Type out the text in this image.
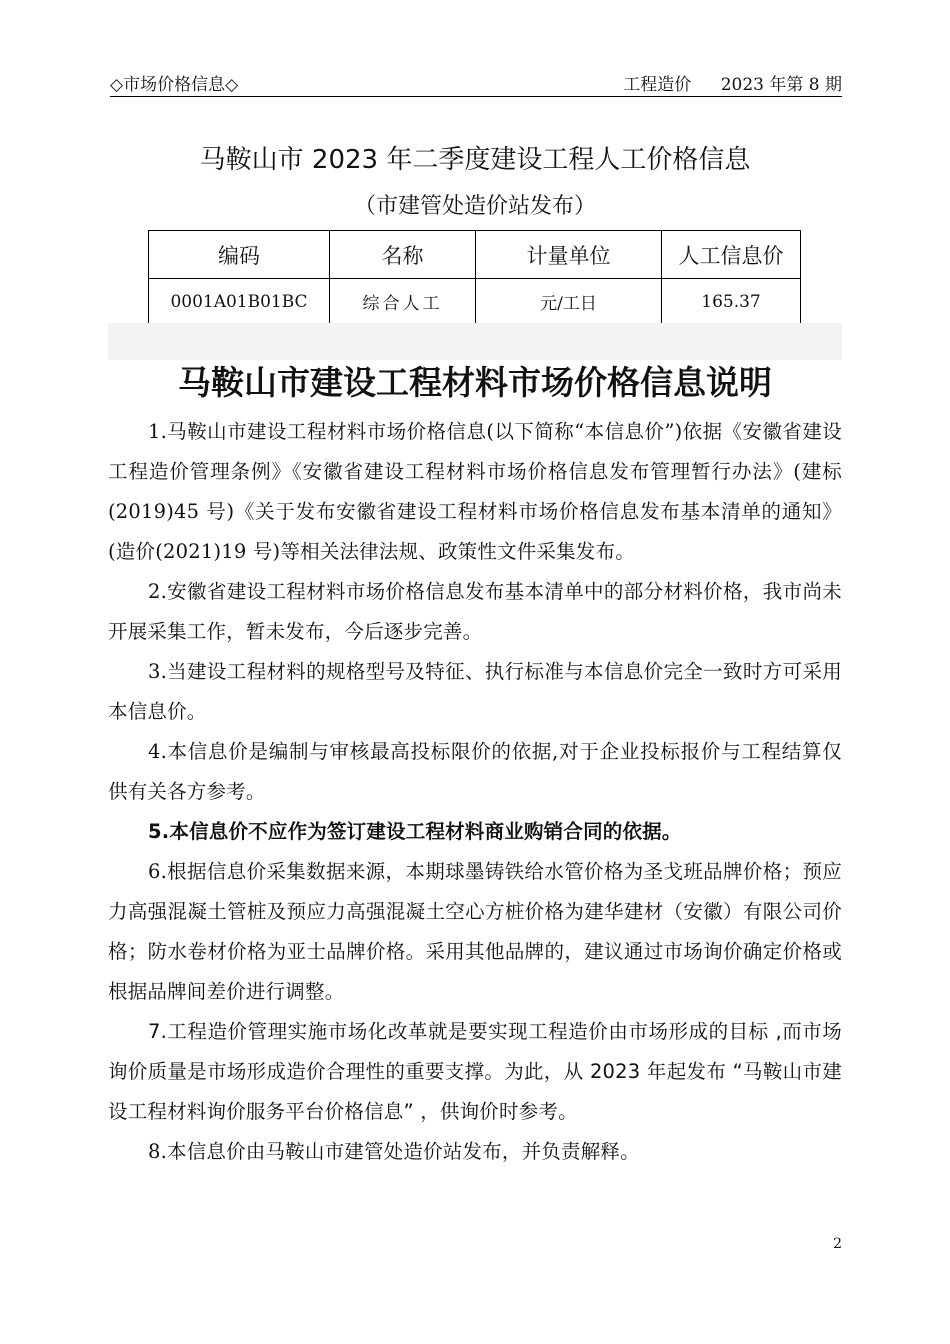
◇市场价格信息◇	工程造价 2023 年第 8 期
马鞍山市 2023 年二季度建设工程人工价格信息
（市建管处造价站发布）
编码	名称	计量单位	人工信息价
0001A01B01BC	综合人工	元/工日	165.37
马鞍山市建设工程材料市场价格信息说明

1.马鞍山市建设工程材料市场价格信息(以下简称“本信息价”)依据《安徽省建设工程造价管理条例》《安徽省建设工程材料市场价格信息发布管理暂行办法》(建标(2019)45 号)《关于发布安徽省建设工程材料市场价格信息发布基本清单的通知》(造价(2021)19 号)等相关法律法规、政策性文件采集发布。

2.安徽省建设工程材料市场价格信息发布基本清单中的部分材料价格，我市尚未开展采集工作，暂未发布，今后逐步完善。

3.当建设工程材料的规格型号及特征、执行标准与本信息价完全一致时方可采用本信息价。

4.本信息价是编制与审核最高投标限价的依据,对于企业投标报价与工程结算仅供有关各方参考。

5.本信息价不应作为签订建设工程材料商业购销合同的依据。

6.根据信息价采集数据来源，本期球墨铸铁给水管价格为圣戈班品牌价格；预应力高强混凝土管桩及预应力高强混凝土空心方桩价格为建华建材（安徽）有限公司价格；防水卷材价格为亚士品牌价格。采用其他品牌的，建议通过市场询价确定价格或根据品牌间差价进行调整。

7.工程造价管理实施市场化改革就是要实现工程造价由市场形成的目标 ,而市场询价质量是市场形成造价合理性的重要支撑。为此，从 2023 年起发布 “马鞍山市建设工程材料询价服务平台价格信息” ，供询价时参考。

8.本信息价由马鞍山市建管处造价站发布，并负责解释。

2
